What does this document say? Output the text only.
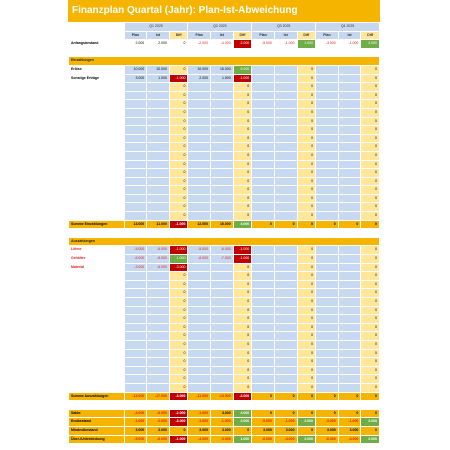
Finanzplan Quartal (Jahr): Plan-Ist-Abweichung
	Q1 2025			Q2 2025			Q3 2025			Q4 2025		
	Plan	Ist	Diff	Plan	Ist	Diff	Plan	Ist	Diff	Plan	Ist	Diff
Anfangsbestand	2.000	2.000	0	-2.000	-4.000	-2.000	-5.000	-1.000	1.000	-3.000	-1.000	2.000

Einzahlungen												
Erlöse	10.000	10.000	0	10.000	15.000	5.000			0			0
Sonstige Erträge	3.000	1.000	-1.000	2.000	1.000	-1.000			0			0
			0			0			0			0
			0			0			0			0
			0			0			0			0
			0			0			0			0
			0			0			0			0
			0			0			0			0
			0			0			0			0
			0			0			0			0
			0			0			0			0
			0			0			0			0
			0			0			0			0
			0			0			0			0
			0			0			0			0
			0			0			0			0
			0			0			0			0
			0			0			0			0
Summe Einzahlungen	13.000	11.000	-1.000	12.000	16.000	4.000	0	0	0	0	0	0

Auszahlungen												
Löhne	-5.000	-6.000	-1.000	-5.000	-6.000	-1.000			0			0
Gehälter	-6.000	-5.000	1.000	-6.000	-7.000	-1.000			0			0
Material	-3.000	-6.000	-3.000			0			0			0
			0			0			0			0
			0			0			0			0
			0			0			0			0
			0			0			0			0
			0			0			0			0
			0			0			0			0
			0			0			0			0
			0			0			0			0
			0			0			0			0
			0			0			0			0
			0			0			0			0
			0			0			0			0
			0			0			0			0
			0			0			0			0
Summe Auszahlungen	-14.000	-17.000	-3.000	-11.000	-13.000	-2.000	0	0	0	0	0	0

Saldo	-4.000	-6.000	-2.000	-1.000	3.000	4.000	0	0	0	0	0	0
Endbestand	-1.000	-4.000	-3.000	-1.000	-1.000	2.000	-5.000	-1.000	2.000	-3.000	-1.000	2.000
Mindestbestand	3.000	3.000	0	3.000	3.000	0	3.000	3.000	0	3.000	3.000	0
Über-/Unterdeckung	-5.000	-6.000	-1.000	-4.000	-3.000	1.000	-6.000	-4.000	2.000	-6.000	-4.000	2.000
